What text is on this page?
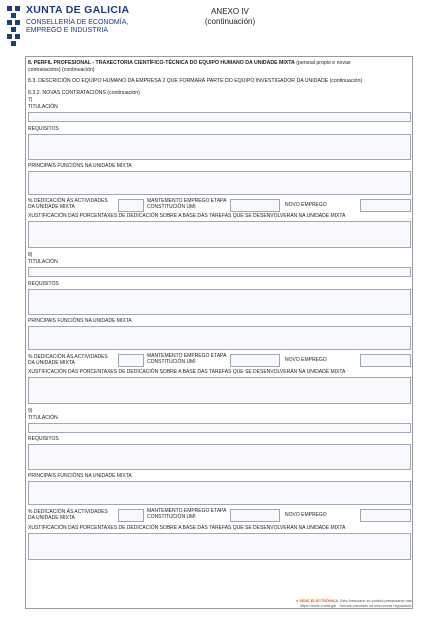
XUNTA DE GALICIA
CONSELLERÍA DE ECONOMÍA,
EMPREGO E INDUSTRIA
ANEXO IV
(continuación)
8. PERFIL PROFESIONAL - TRAXECTORIA CIENTÍFICO-TÉCNICA DO EQUIPO HUMANO DA UNIDADE MIXTA (persoal propio e novas
contratacións) (continuación)
8.3. DESCRICIÓN DO EQUIPO HUMANO DA EMPRESA 2 QUE FORMARÁ PARTE DO EQUIPO INVESTIGADOR DA UNIDADE (continuación)
8.3.2. NOVAS CONTRATACIÓNS (continuación)
7)
TITULACIÓN
REQUISITOS
PRINCIPAIS FUNCIÓNS NA UNIDADE MIXTA
% DEDICACIÓN ÁS ACTIVIDADES
DA UNIDADE MIXTA
MANTEMENTO EMPREGO ETAPA
CONSTITUCIÓN UMI	NOVO EMPREGO
XUSTIFICACIÓN DAS PORCENTAXES DE DEDICACIÓN SOBRE A BASE DAS TAREFAS QUE SE DESENVOLVERÁN NA UNIDADE MIXTA
8)
TITULACIÓN
REQUISITOS
PRINCIPAIS FUNCIÓNS NA UNIDADE MIXTA
% DEDICACIÓN ÁS ACTIVIDADES
DA UNIDADE MIXTA
MANTEMENTO EMPREGO ETAPA
CONSTITUCIÓN UMI	NOVO EMPREGO
XUSTIFICACIÓN DAS PORCENTAXES DE DEDICACIÓN SOBRE A BASE DAS TAREFAS QUE SE DESENVOLVERÁN NA UNIDADE MIXTA
9)
TITULACIÓN
REQUISITOS
PRINCIPAIS FUNCIÓNS NA UNIDADE MIXTA
% DEDICACIÓN ÁS ACTIVIDADES
DA UNIDADE MIXTA
MANTEMENTO EMPREGO ETAPA
CONSTITUCIÓN UMI	NOVO EMPREGO
XUSTIFICACIÓN DAS PORCENTAXES DE DEDICACIÓN SOBRE A BASE DAS TAREFAS QUE SE DESENVOLVERÁN NA UNIDADE MIXTA
● SEDE ELECTRÓNICA Este formulario só poderá presentarse nas
https://sede.xunta.gal formas previstas na súa norma reguladora
